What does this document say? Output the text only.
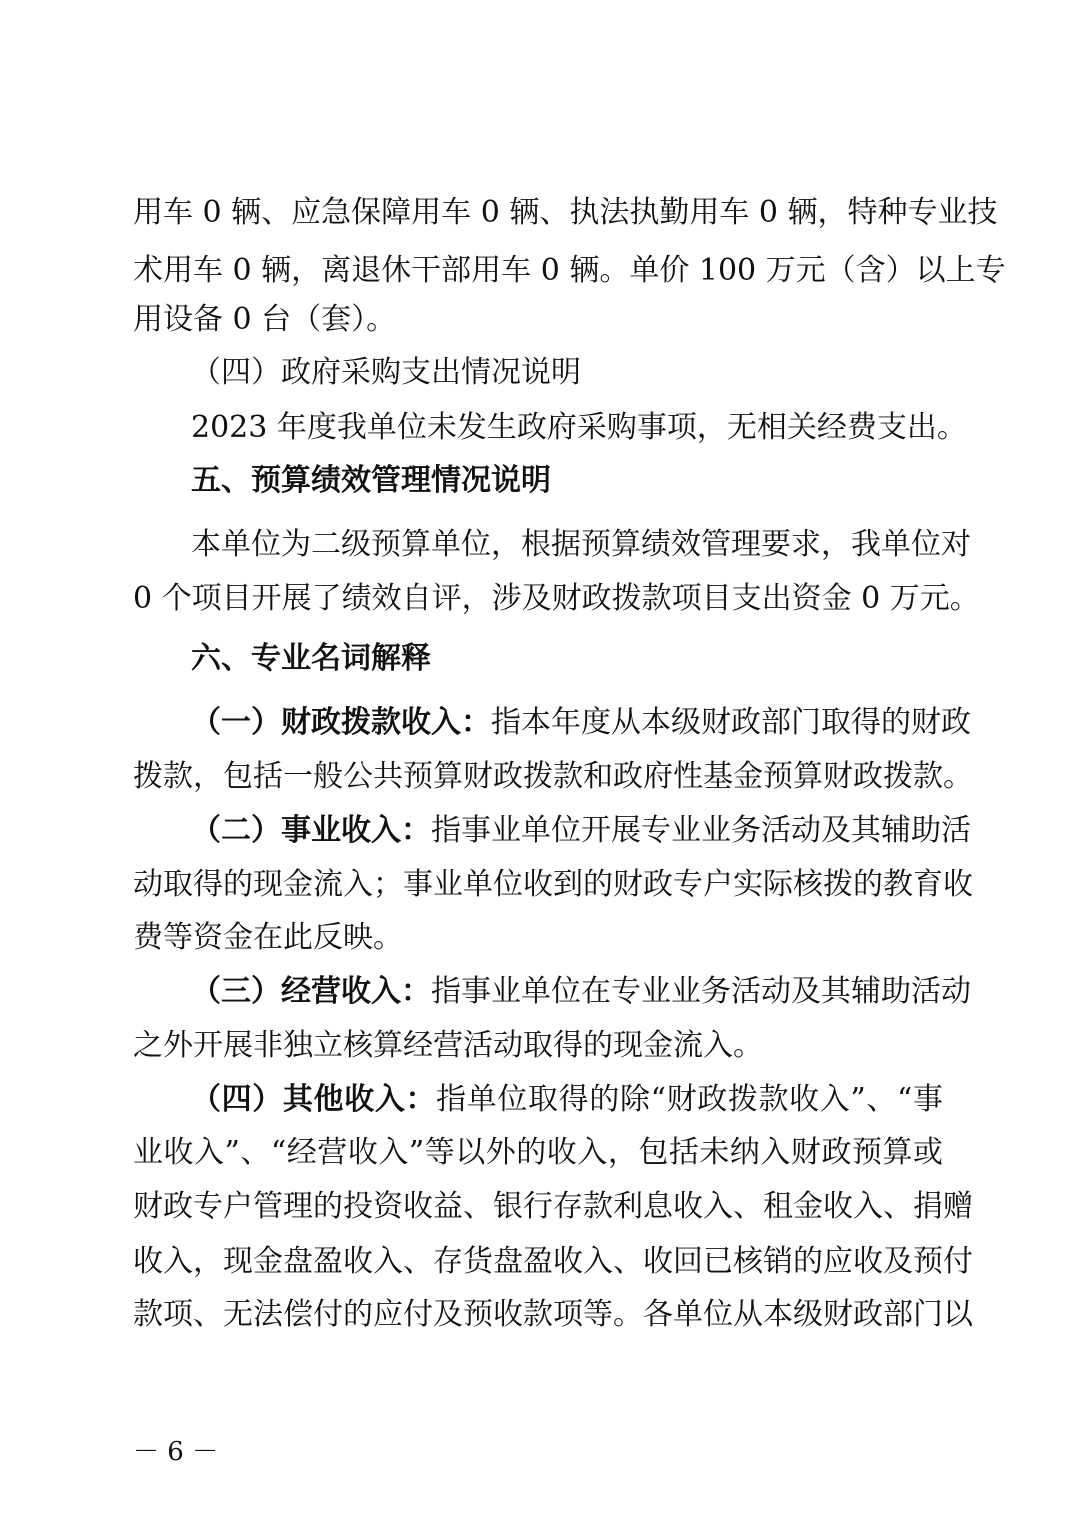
用车 0 辆、应急保障用车 0 辆、执法执勤用车 0 辆，特种专业技
术用车 0 辆，离退休干部用车 0 辆。单价 100 万元（含）以上专
用设备 0 台（套）。
（四）政府采购支出情况说明
2023 年度我单位未发生政府采购事项，无相关经费支出。
五、预算绩效管理情况说明
本单位为二级预算单位，根据预算绩效管理要求，我单位对
0 个项目开展了绩效自评，涉及财政拨款项目支出资金 0 万元。
六、专业名词解释
（一）财政拨款收入：指本年度从本级财政部门取得的财政
拨款，包括一般公共预算财政拨款和政府性基金预算财政拨款。
（二）事业收入：指事业单位开展专业业务活动及其辅助活
动取得的现金流入；事业单位收到的财政专户实际核拨的教育收
费等资金在此反映。
（三）经营收入：指事业单位在专业业务活动及其辅助活动
之外开展非独立核算经营活动取得的现金流入。
（四）其他收入：指单位取得的除“财政拨款收入”、“事
业收入”、“经营收入”等以外的收入，包括未纳入财政预算或
财政专户管理的投资收益、银行存款利息收入、租金收入、捐赠
收入，现金盘盈收入、存货盘盈收入、收回已核销的应收及预付
款项、无法偿付的应付及预收款项等。各单位从本级财政部门以
－ 6 －
